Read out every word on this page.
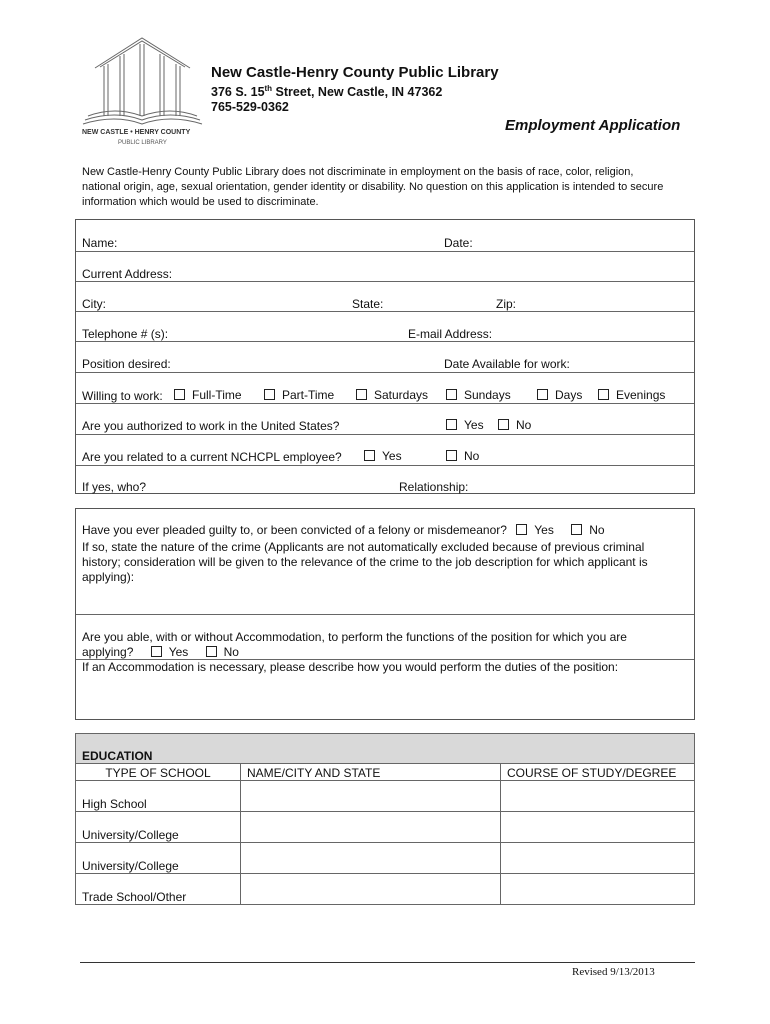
NEW CASTLE • HENRY COUNTY
PUBLIC LIBRARY
New Castle-Henry County Public Library
376 S. 15th Street, New Castle, IN 47362
765-529-0362
Employment Application
New Castle-Henry County Public Library does not discriminate in employment on the basis of race, color, religion,
national origin, age, sexual orientation, gender identity or disability. No question on this application is intended to secure
information which would be used to discriminate.
Name:	Date:
Current Address:
City:	State:	Zip:
Telephone # (s):	E-mail Address:
Position desired:	Date Available for work:
Willing to work:	Full-Time	Part-Time	Saturdays	Sundays	Days	Evenings
Are you authorized to work in the United States?	Yes	No
Are you related to a current NCHCPL employee?	Yes	No
If yes, who?	Relationship:
Have you ever pleaded guilty to, or been convicted of a felony or misdemeanor? Yes	No
If so, state the nature of the crime (Applicants are not automatically excluded because of previous criminal
history; consideration will be given to the relevance of the crime to the job description for which applicant is
applying):
Are you able, with or without Accommodation, to perform the functions of the position for which you are
applying?	Yes	No
If an Accommodation is necessary, please describe how you would perform the duties of the position:
EDUCATION		
TYPE OF SCHOOL	NAME/CITY AND STATE	COURSE OF STUDY/DEGREE
High School		
University/College		
University/College		
Trade School/Other		
Revised 9/13/2013
